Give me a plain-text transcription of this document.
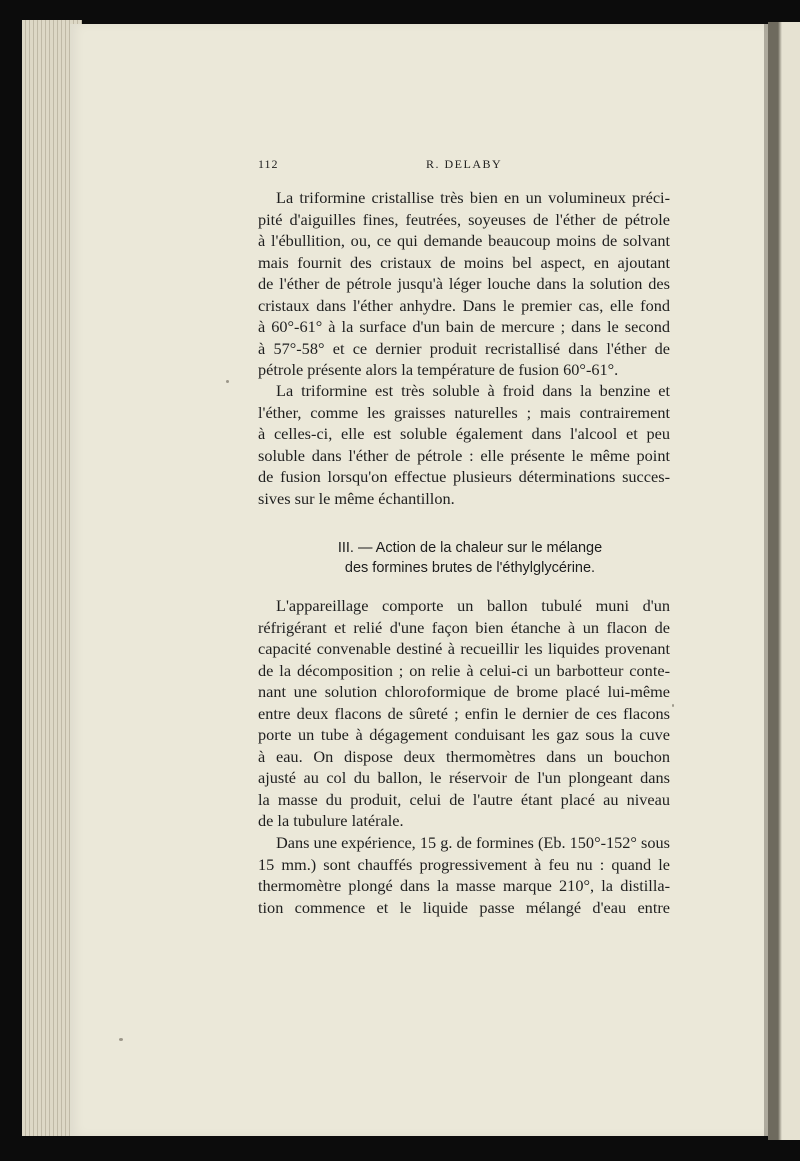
112	R. DELABY
La triformine cristallise très bien en un volumineux préci-
pité d'aiguilles fines, feutrées, soyeuses de l'éther de pétrole
à l'ébullition, ou, ce qui demande beaucoup moins de solvant
mais fournit des cristaux de moins bel aspect, en ajoutant
de l'éther de pétrole jusqu'à léger louche dans la solution des
cristaux dans l'éther anhydre. Dans le premier cas, elle fond
à 60°-61° à la surface d'un bain de mercure ; dans le second
à 57°-58° et ce dernier produit recristallisé dans l'éther de
pétrole présente alors la température de fusion 60°-61°.
La triformine est très soluble à froid dans la benzine et
l'éther, comme les graisses naturelles ; mais contrairement
à celles-ci, elle est soluble également dans l'alcool et peu
soluble dans l'éther de pétrole : elle présente le même point
de fusion lorsqu'on effectue plusieurs déterminations succes-
sives sur le même échantillon.
III. — Action de la chaleur sur le mélange
des formines brutes de l'éthylglycérine.
L'appareillage comporte un ballon tubulé muni d'un
réfrigérant et relié d'une façon bien étanche à un flacon de
capacité convenable destiné à recueillir les liquides provenant
de la décomposition ; on relie à celui-ci un barbotteur conte-
nant une solution chloroformique de brome placé lui-même
entre deux flacons de sûreté ; enfin le dernier de ces flacons
porte un tube à dégagement conduisant les gaz sous la cuve
à eau. On dispose deux thermomètres dans un bouchon
ajusté au col du ballon, le réservoir de l'un plongeant dans
la masse du produit, celui de l'autre étant placé au niveau
de la tubulure latérale.
Dans une expérience, 15 g. de formines (Eb. 150°-152° sous
15 mm.) sont chauffés progressivement à feu nu : quand le
thermomètre plongé dans la masse marque 210°, la distilla-
tion commence et le liquide passe mélangé d'eau entre
